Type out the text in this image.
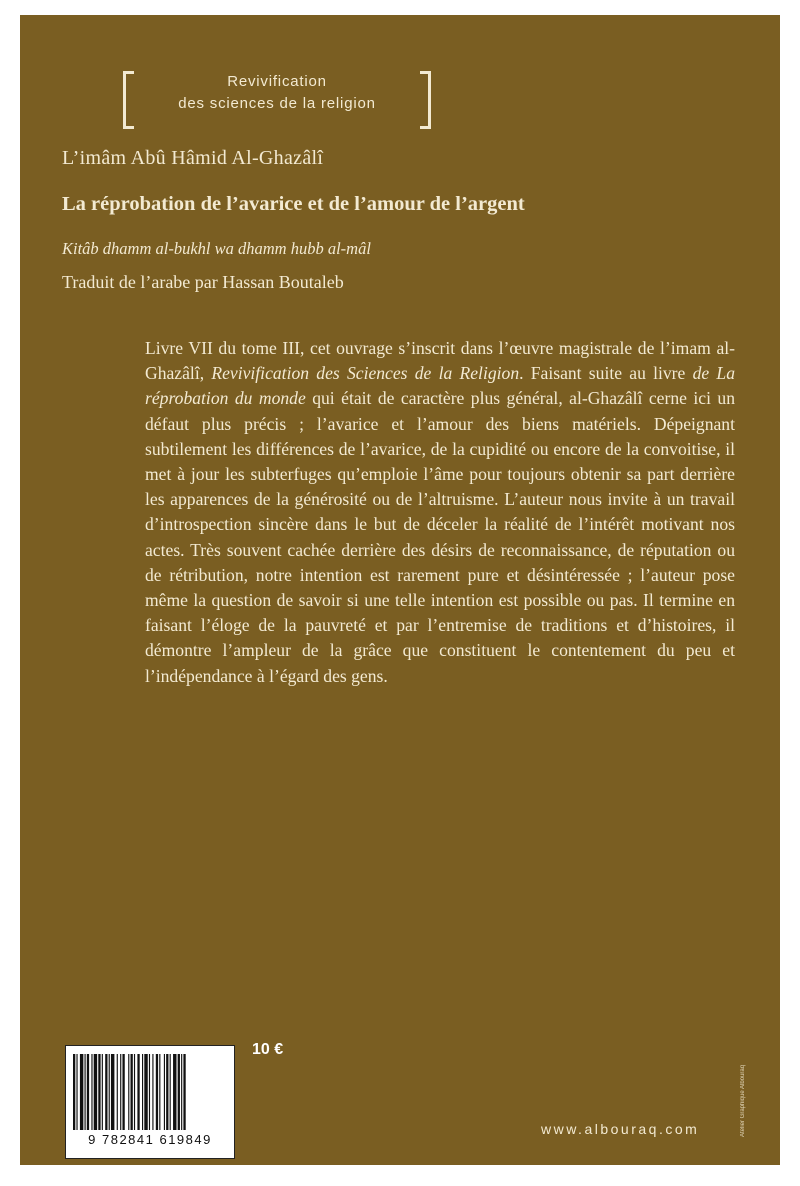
Revivification
des sciences de la religion
L’imâm Abû Hâmid Al-Ghazâlî
La réprobation de l’avarice et de l’amour de l’argent
Kitâb dhamm al-bukhl wa dhamm hubb al-mâl
Traduit de l’arabe par Hassan Boutaleb

Livre VII du tome III, cet ouvrage s’inscrit dans l’œuvre magistrale de l’imam al-Ghazâlî, Revivification des Sciences de la Religion. Faisant suite au livre de La réprobation du monde qui était de caractère plus général, al-Ghazâlî cerne ici un défaut plus précis ; l’avarice et l’amour des biens matériels. Dépeignant subtilement les différences de l’avarice, de la cupidité ou encore de la convoitise, il met à jour les subterfuges qu’emploie l’âme pour toujours obtenir sa part derrière les apparences de la générosité ou de l’altruisme. L’auteur nous invite à un travail d’introspection sincère dans le but de déceler la réalité de l’intérêt motivant nos actes. Très souvent cachée derrière des désirs de reconnaissance, de réputation ou de rétribution, notre intention est rarement pure et désintéressée ; l’auteur pose même la question de savoir si une telle intention est possible ou pas. Il termine en faisant l’éloge de la pauvreté et par l’entremise de traditions et d’histoires, il démontre l’ampleur de la grâce que constituent le contentement du peu et l’indépendance à l’égard des gens.

9 782841 619849
10 €
www.albouraq.com	Atelier Graphique Albouraq
